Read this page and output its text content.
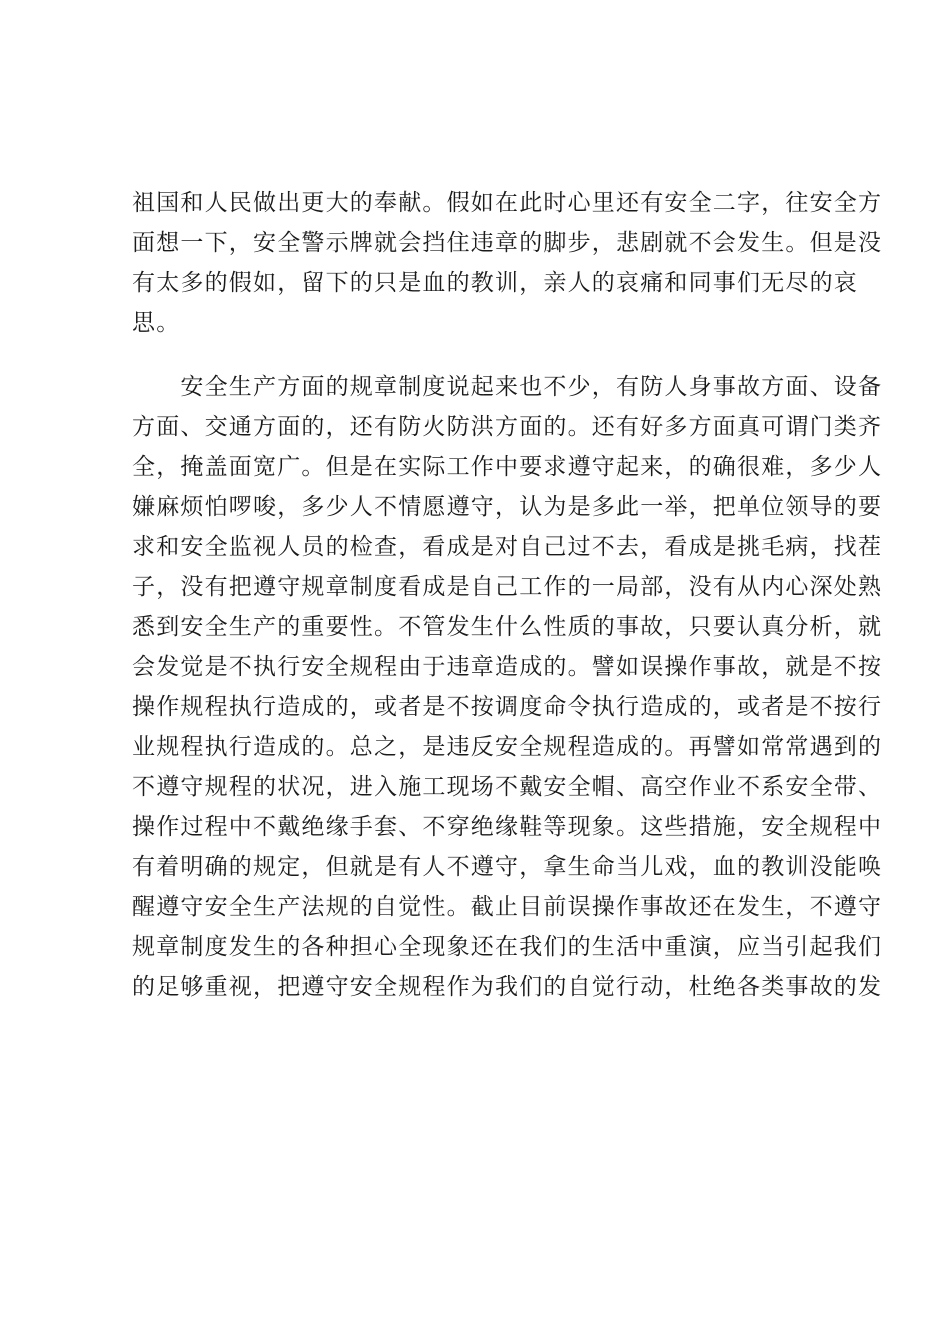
祖国和人民做出更大的奉献。假如在此时心里还有安全二字，往安全方
面想一下，安全警示牌就会挡住违章的脚步，悲剧就不会发生。但是没
有太多的假如，留下的只是血的教训，亲人的哀痛和同事们无尽的哀
思。
　　安全生产方面的规章制度说起来也不少，有防人身事故方面、设备
方面、交通方面的，还有防火防洪方面的。还有好多方面真可谓门类齐
全，掩盖面宽广。但是在实际工作中要求遵守起来，的确很难，多少人
嫌麻烦怕啰唆，多少人不情愿遵守，认为是多此一举，把单位领导的要
求和安全监视人员的检查，看成是对自己过不去，看成是挑毛病，找茬
子，没有把遵守规章制度看成是自己工作的一局部，没有从内心深处熟
悉到安全生产的重要性。不管发生什么性质的事故，只要认真分析，就
会发觉是不执行安全规程由于违章造成的。譬如误操作事故，就是不按
操作规程执行造成的，或者是不按调度命令执行造成的，或者是不按行
业规程执行造成的。总之，是违反安全规程造成的。再譬如常常遇到的
不遵守规程的状况，进入施工现场不戴安全帽、高空作业不系安全带、
操作过程中不戴绝缘手套、不穿绝缘鞋等现象。这些措施，安全规程中
有着明确的规定，但就是有人不遵守，拿生命当儿戏，血的教训没能唤
醒遵守安全生产法规的自觉性。截止目前误操作事故还在发生，不遵守
规章制度发生的各种担心全现象还在我们的生活中重演，应当引起我们
的足够重视，把遵守安全规程作为我们的自觉行动，杜绝各类事故的发
